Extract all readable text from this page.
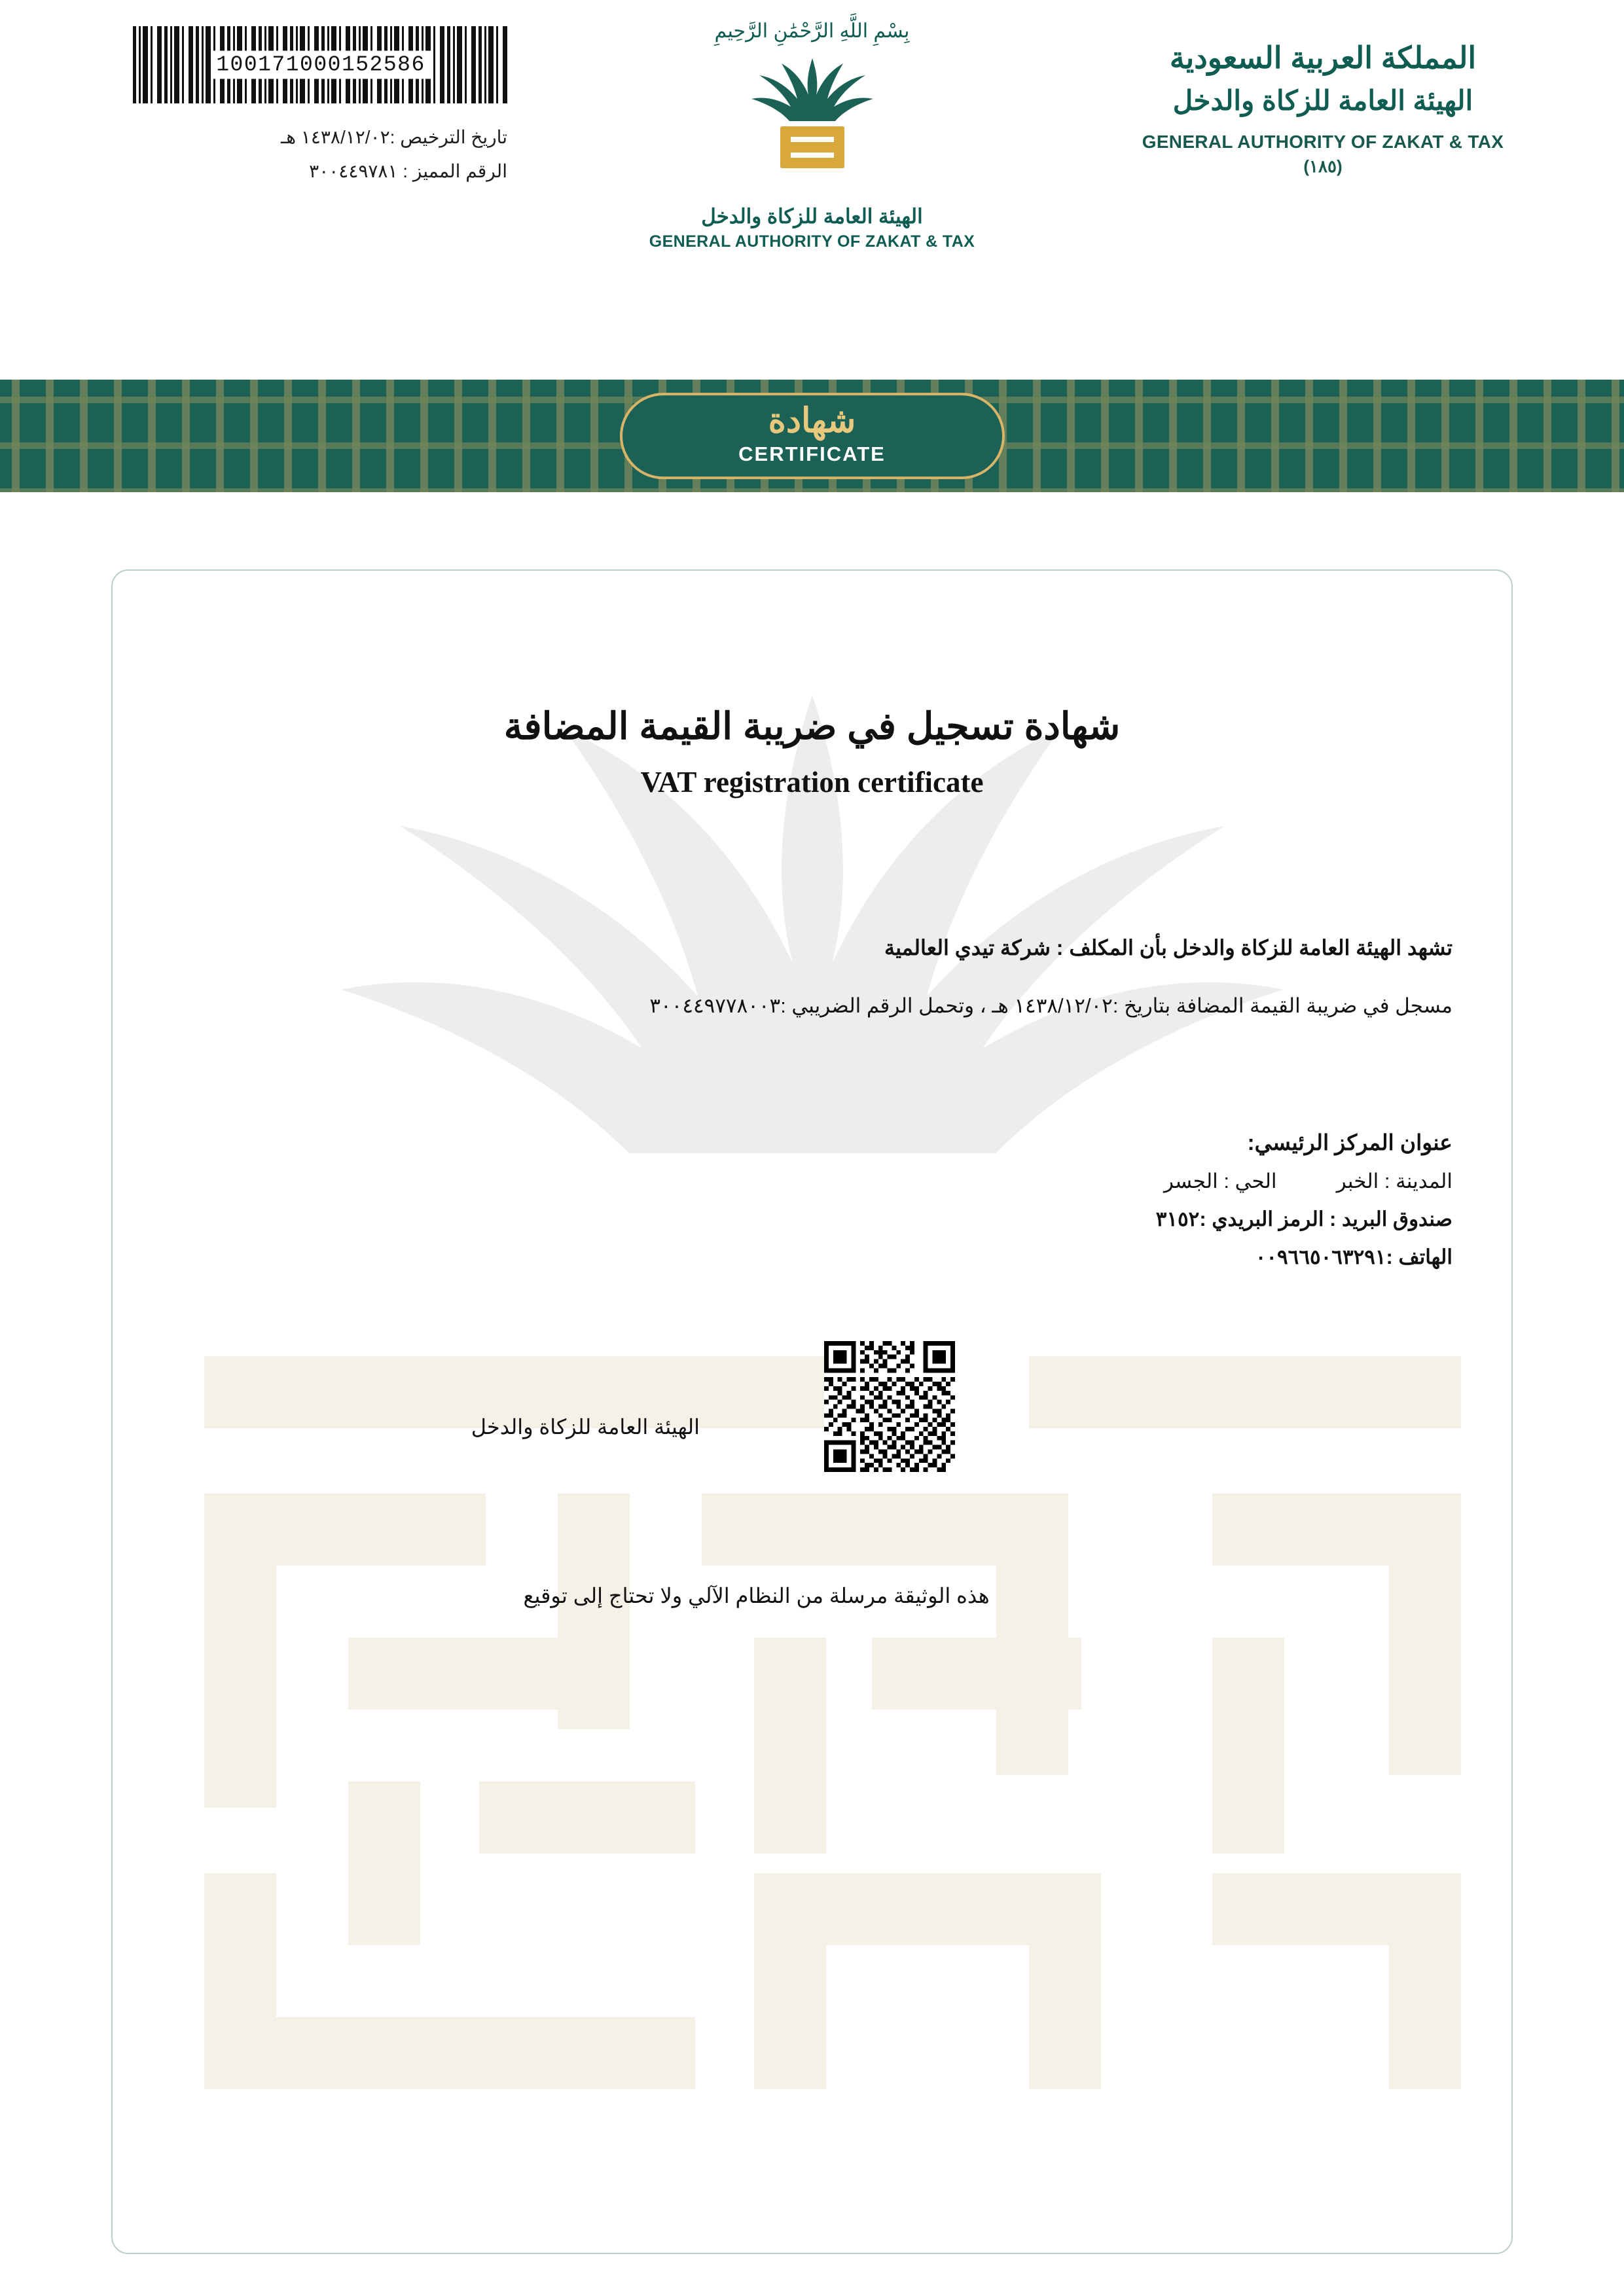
100171000152586
تاريخ الترخيص :١٤٣٨/١٢/٠٢ هـ
الرقم المميز : ٣٠٠٤٤٩٧٨١
بِسْمِ اللَّهِ الرَّحْمَٰنِ الرَّحِيمِ
الهيئة العامة للزكاة والدخل
GENERAL AUTHORITY OF ZAKAT & TAX
المملكة العربية السعودية
الهيئة العامة للزكاة والدخل
GENERAL AUTHORITY OF ZAKAT & TAX
(١٨٥)
شهادة
CERTIFICATE
شهادة تسجيل في ضريبة القيمة المضافة
VAT registration certificate
تشهد الهيئة العامة للزكاة والدخل بأن المكلف : شركة تيدي العالمية
مسجل في ضريبة القيمة المضافة بتاريخ :١٤٣٨/١٢/٠٢ هـ ، وتحمل الرقم الضريبي :٣٠٠٤٤٩٧٧٨٠٠٣
عنوان المركز الرئيسي:
المدينة : الخبر  الحي : الجسر
صندوق البريد : الرمز البريدي :٣١٥٢
الهاتف :٠٠٩٦٦٥٠٦٣٢٩١
الهيئة العامة للزكاة والدخل
هذه الوثيقة مرسلة من النظام الآلي ولا تحتاج إلى توقيع
